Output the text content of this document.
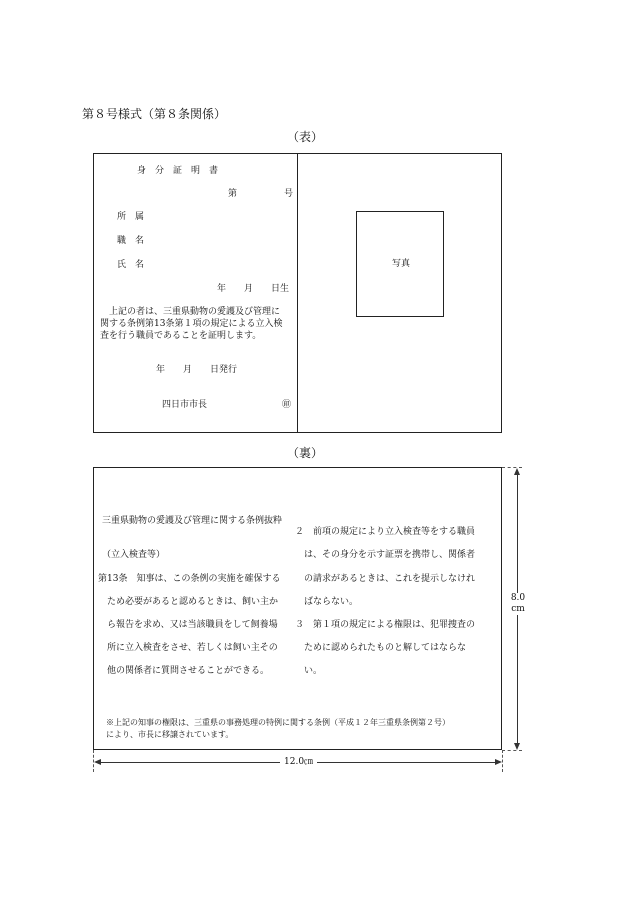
第８号様式（第８条関係）
（表）
身　分　証　明　書
第	号
所　属
職　名
氏　名
年　　月　　日生
　上記の者は、三重県動物の愛護及び管理に
関する条例第13条第１項の規定による立入検
査を行う職員であることを証明します。
年　　月　　日発行
四日市市長	㊞
写真
（裏）
三重県動物の愛護及び管理に関する条例抜粋
（立入検査等）
第13条　知事は、この条例の実施を確保する
　ため必要があると認めるときは、飼い主か
　ら報告を求め、又は当該職員をして飼養場
　所に立入検査をさせ、若しくは飼い主その
　他の関係者に質問させることができる。
２　前項の規定により立入検査等をする職員
　は、その身分を示す証票を携帯し、関係者
　の請求があるときは、これを提示しなけれ
　ばならない。
３　第１項の規定による権限は、犯罪捜査の
　ために認められたものと解してはならな
　い。
※上記の知事の権限は、三重県の事務処理の特例に関する条例（平成１２年三重県条例第２号）
により、市長に移譲されています。
8.0
cm
12.0㎝
